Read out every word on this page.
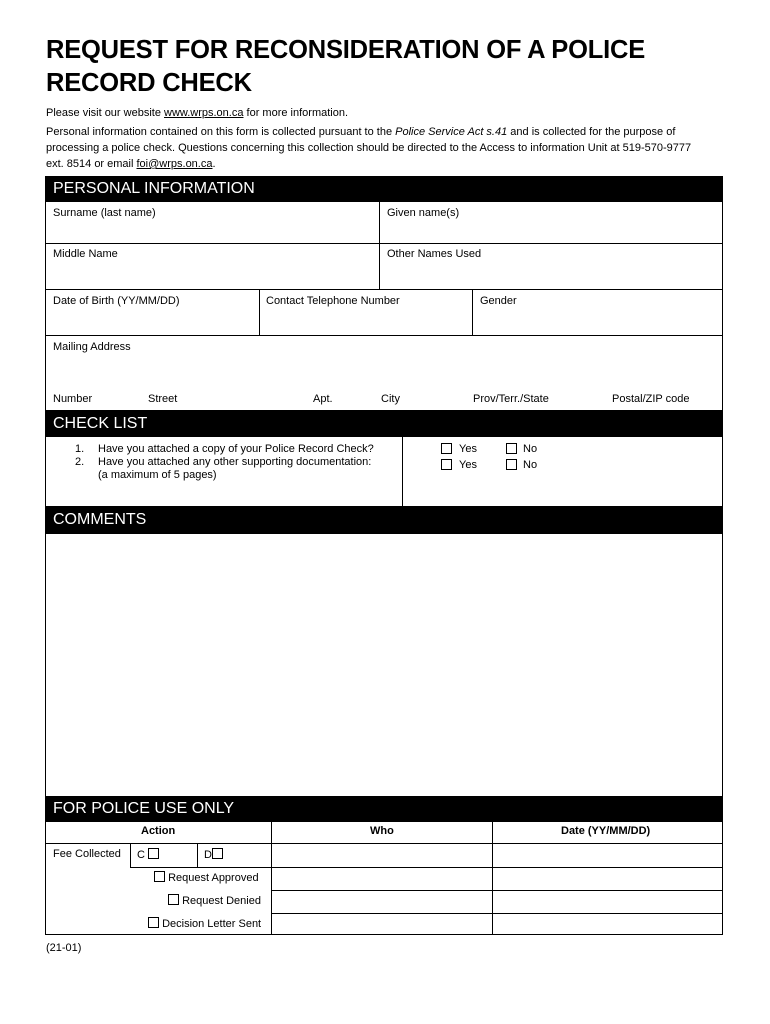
REQUEST FOR RECONSIDERATION OF A POLICE
RECORD CHECK
Please visit our website www.wrps.on.ca for more information.
Personal information contained on this form is collected pursuant to the Police Service Act s.41 and is collected for the purpose of
processing a police check. Questions concerning this collection should be directed to the Access to information Unit at 519-570-9777
ext. 8514 or email foi@wrps.on.ca.
PERSONAL INFORMATION
Surname (last name)	Given name(s)
Middle Name	Other Names Used
Date of Birth (YY/MM/DD)	Contact Telephone Number	Gender
Mailing Address
Number	Street	Apt.	City	Prov/Terr./State	Postal/ZIP code
CHECK LIST
1. Have you attached a copy of your Police Record Check?
2. Have you attached any other supporting documentation:
(a maximum of 5 pages)
Yes	No
Yes	No
COMMENTS
FOR POLICE USE ONLY
Action	Who	Date (YY/MM/DD)
Fee Collected C	D
Request Approved
Request Denied
Decision Letter Sent
(21-01)
